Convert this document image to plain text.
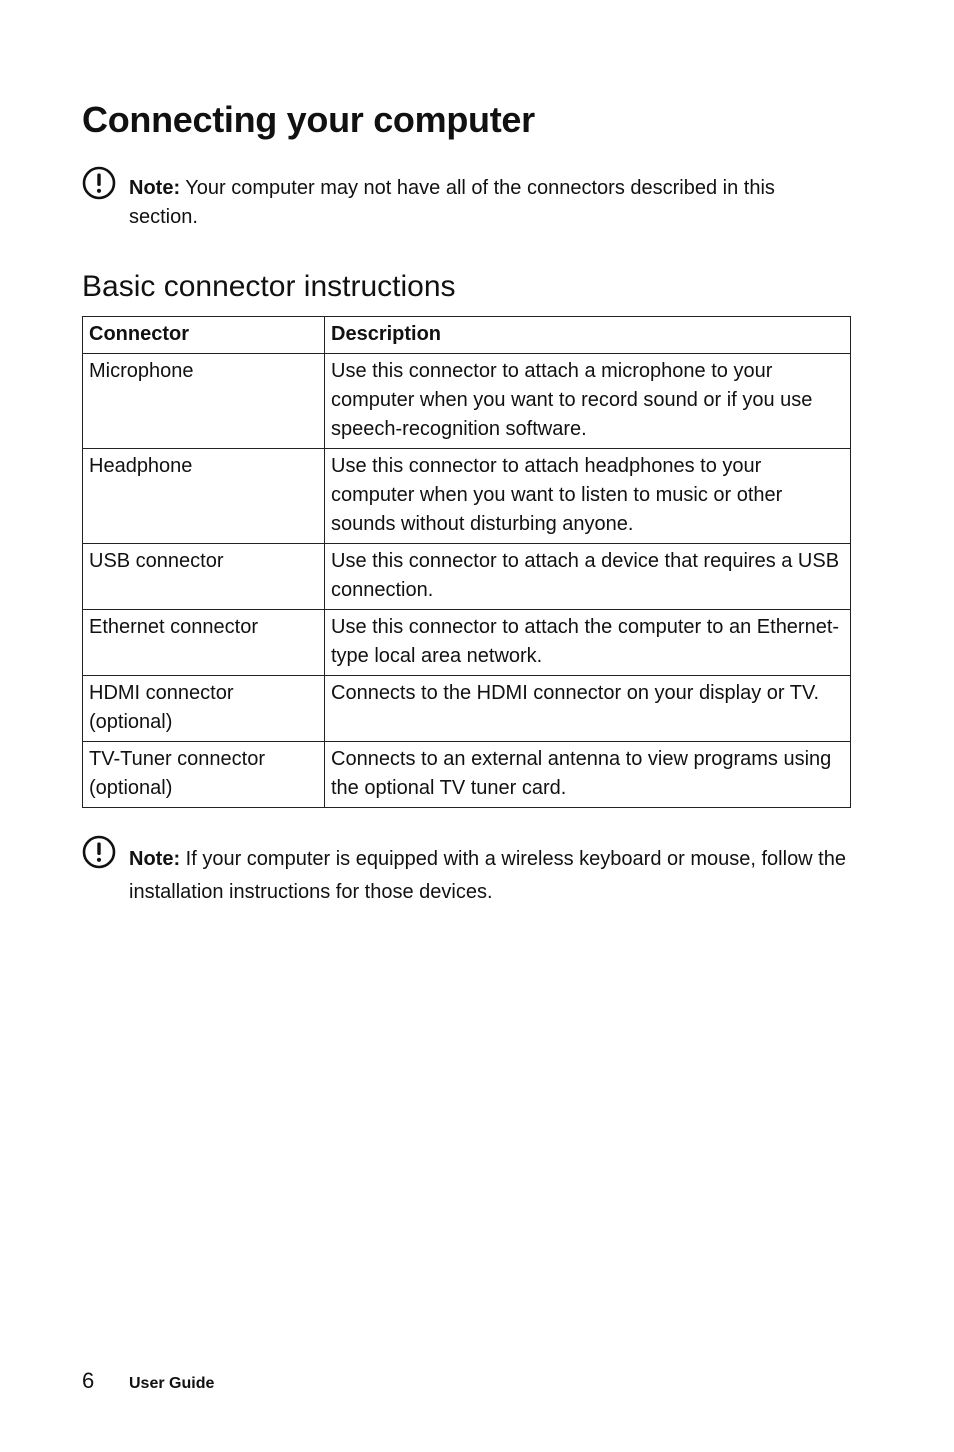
Connecting your computer

Note: Your computer may not have all of the connectors described in this section.

Basic connector instructions
Connector	Description
Microphone	Use this connector to attach a microphone to your computer when you want to record sound or if you use speech-recognition software.
Headphone	Use this connector to attach headphones to your computer when you want to listen to music or other sounds without disturbing anyone.
USB connector	Use this connector to attach a device that requires a USB connection.
Ethernet connector	Use this connector to attach the computer to an Ethernet-type local area network.
HDMI connector (optional)	Connects to the HDMI connector on your display or TV.
TV-Tuner connector (optional)	Connects to an external antenna to view programs using the optional TV tuner card.

Note: If your computer is equipped with a wireless keyboard or mouse, follow the installation instructions for those devices.

6 User Guide
